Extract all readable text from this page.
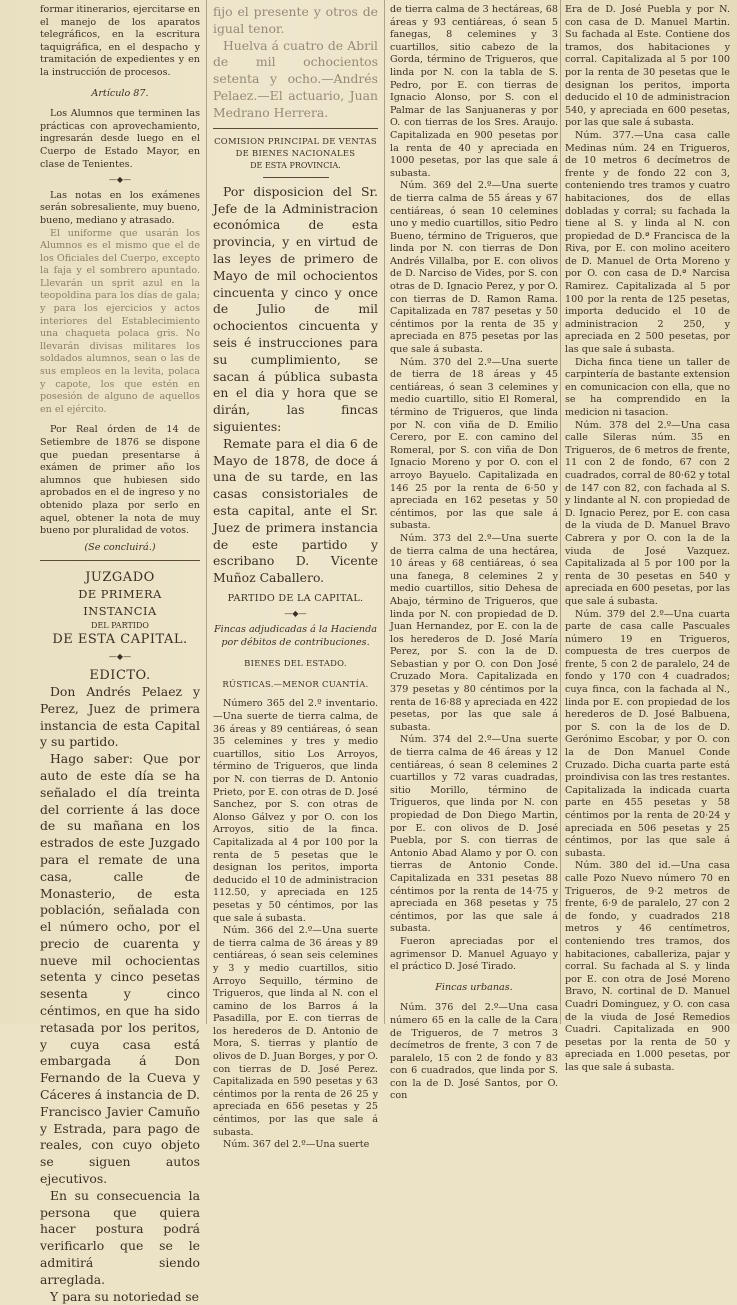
formar itinerarios, ejercitarse en el manejo de los aparatos telegráficos, en la escritura taquigráfica, en el despacho y tramitación de expedientes y en la instrucción de procesos.

Artículo 87.

Los Alumnos que terminen las prácticas con aprovechamiento, ingresarán desde luego en el Cuerpo de Estado Mayor, en clase de Tenientes.

—◆—

Las notas en los exámenes serán sobresaliente, muy bueno, bueno, mediano y atrasado.

El uniforme que usarán los Alumnos es el mismo que el de los Oficiales del Cuerpo, excepto la faja y el sombrero apuntado. Llevarán un sprit azul en la teopoldina para los días de gala; y para los ejercicios y actos interiores del Establecimiento una chaqueta polaca gris. No llevarán divisas militares los soldados alumnos, sean o las de sus empleos en la levita, polaca y capote, los que estén en posesión de alguno de aquellos en el ejército.

Por Real órden de 14 de Setiembre de 1876 se dispone que puedan presentarse á exámen de primer año los alumnos que hubiesen sido aprobados en el de ingreso y no obtenido plaza por serlo en aquel, obtener la nota de muy bueno por pluralidad de votos.

(Se concluirá.)

JUZGADO
DE PRIMERA INSTANCIA
DEL PARTIDO
DE ESTA CAPITAL.
—◆—
EDICTO.

Don Andrés Pelaez y Perez, Juez de primera instancia de esta Capital y su partido.

Hago saber: Que por auto de este día se ha señalado el día treinta del corriente á las doce de su mañana en los estrados de este Juzgado para el remate de una casa, calle de Monasterio, de esta población, señalada con el número ocho, por el precio de cuarenta y nueve mil ochocientas setenta y cinco pesetas sesenta y cinco céntimos, en que ha sido retasada por los peritos, y cuya casa está embargada á Don Fernando de la Cueva y Cáceres á instancia de D. Francisco Javier Camuño y Estrada, para pago de reales, con cuyo objeto se siguen autos ejecutivos.

En su consecuencia la persona que quiera hacer postura podrá verificarlo que se le admitirá siendo arreglada.

Y para su notoriedad se

fijo el presente y otros de igual tenor.

Huelva á cuatro de Abril de mil ochocientos setenta y ocho.—Andrés Pelaez.—El actuario, Juan Medrano Herrera.

COMISION PRINCIPAL DE VENTAS DE BIENES NACIONALES
DE ESTA PROVINCIA.

Por disposicion del Sr. Jefe de la Administracion económica de esta provincia, y en virtud de las leyes de primero de Mayo de mil ochocientos cincuenta y cinco y once de Julio de mil ochocientos cincuenta y seis é instrucciones para su cumplimiento, se sacan á pública subasta en el dia y hora que se dirán, las fincas siguientes:

Remate para el dia 6 de Mayo de 1878, de doce á una de su tarde, en las casas consistoriales de esta capital, ante el Sr. Juez de primera instancia de este partido y escribano D. Vicente Muñoz Caballero.

PARTIDO DE LA CAPITAL.
—◆—

Fincas adjudicadas á la Hacienda por débitos de contribuciones.

BIENES DEL ESTADO.
RÚSTICAS.—MENOR CUANTÍA.

Número 365 del 2.º inventario.—Una suerte de tierra calma, de 36 áreas y 89 centiáreas, ó sean 35 celemines y tres y medio cuartillos, sitio Los Arroyos, término de Trigueros, que linda por N. con tierras de D. Antonio Prieto, por E. con otras de D. José Sanchez, por S. con otras de Alonso Gálvez y por O. con los Arroyos, sitio de la finca. Capitalizada al 4 por 100 por la renta de 5 pesetas que le designan los peritos, importa deducido el 10 de administracion 112.50, y apreciada en 125 pesetas y 50 céntimos, por las que sale á subasta.

Núm. 366 del 2.º—Una suerte de tierra calma de 36 áreas y 89 centiáreas, ó sean seis celemines y 3 y medio cuartillos, sitio Arroyo Sequillo, término de Trigueros, que linda al N. con el camino de los Barros á la Pasadilla, por E. con tierras de los herederos de D. Antonio de Mora, S. tierras y plantío de olivos de D. Juan Borges, y por O. con tierras de D. José Perez. Capitalizada en 590 pesetas y 63 céntimos por la renta de 26 25 y apreciada en 656 pesetas y 25 céntimos, por las que sale á subasta.

Núm. 367 del 2.º—Una suerte

de tierra calma de 3 hectáreas, 68 áreas y 93 centiáreas, ó sean 5 fanegas, 8 celemines y 3 cuartillos, sitio cabezo de la Gorda, término de Trigueros, que linda por N. con la tabla de S. Pedro, por E. con tierras de Ignacio Alonso, por S. con el Palmar de las Sanjuaneras y por O. con tierras de los Sres. Araujo. Capitalizada en 900 pesetas por la renta de 40 y apreciada en 1000 pesetas, por las que sale á subasta.

Núm. 369 del 2.º—Una suerte de tierra calma de 55 áreas y 67 centiáreas, ó sean 10 celemines uno y medio cuartillos, sitio Pedro Bueno, término de Trigueros, que linda por N. con tierras de Don Andrés Villalba, por E. con olivos de D. Narciso de Vides, por S. con otras de D. Ignacio Perez, y por O. con tierras de D. Ramon Rama. Capitalizada en 787 pesetas y 50 céntimos por la renta de 35 y apreciada en 875 pesetas por las que sale á subasta.

Núm. 370 del 2.º—Una suerte de tierra de 18 áreas y 45 centiáreas, ó sean 3 celemines y medio cuartillo, sitio El Romeral, término de Trigueros, que linda por N. con viña de D. Emilio Cerero, por E. con camino del Romeral, por S. con viña de Don Ignacio Moreno y por O. con el arroyo Bayuelo. Capitalizada en 146 25 por la renta de 6·50 y apreciada en 162 pesetas y 50 céntimos, por las que sale á subasta.

Núm. 373 del 2.º—Una suerte de tierra calma de una hectárea, 10 áreas y 68 centiáreas, ó sea una fanega, 8 celemines 2 y medio cuartillos, sitio Dehesa de Abajo, término de Trigueros, que linda por N. con propiedad de D. Juan Hernandez, por E. con la de los herederos de D. José María Perez, por S. con la de D. Sebastian y por O. con Don José Cruzado Mora. Capitalizada en 379 pesetas y 80 céntimos por la renta de 16·88 y apreciada en 422 pesetas, por las que sale á subasta.

Núm. 374 del 2.º—Una suerte de tierra calma de 46 áreas y 12 centiáreas, ó sean 8 celemines 2 cuartillos y 72 varas cuadradas, sitio Morillo, término de Trigueros, que linda por N. con propiedad de Don Diego Martin, por E. con olivos de D. José Puebla, por S. con tierras de Antonio Abad Alamo y por O. con tierras de Antonio Conde. Capitalizada en 331 pesetas 88 céntimos por la renta de 14·75 y apreciada en 368 pesetas y 75 céntimos, por las que sale á subasta.

Fueron apreciadas por el agrimensor D. Manuel Aguayo y el práctico D. José Tirado.

Fincas urbanas.

Núm. 376 del 2.º—Una casa número 65 en la calle de la Cara de Trigueros, de 7 metros 3 decímetros de frente, 3 con 7 de paralelo, 15 con 2 de fondo y 83 con 6 cuadrados, que linda por S. con la de D. José Santos, por O. con

Era de D. José Puebla y por N. con casa de D. Manuel Martin. Su fachada al Este. Contiene dos tramos, dos habitaciones y corral. Capitalizada al 5 por 100 por la renta de 30 pesetas que le designan los peritos, importa deducido el 10 de administracion 540, y apreciada en 600 pesetas, por las que sale á subasta.

Núm. 377.—Una casa calle Medinas núm. 24 en Trigueros, de 10 metros 6 decímetros de frente y de fondo 22 con 3, conteniendo tres tramos y cuatro habitaciones, dos de ellas dobladas y corral; su fachada la tiene al S. y linda al N. con propiedad de D.ª Francisca de la Riva, por E. con molino aceitero de D. Manuel de Orta Moreno y por O. con casa de D.ª Narcisa Ramirez. Capitalizada al 5 por 100 por la renta de 125 pesetas, importa deducido el 10 de administracion 2 250, y apreciada en 2 500 pesetas, por las que sale á subasta.

Dicha finca tiene un taller de carpintería de bastante extension en comunicacion con ella, que no se ha comprendido en la medicion ni tasacion.

Núm. 378 del 2.º—Una casa calle Sileras núm. 35 en Trigueros, de 6 metros de frente, 11 con 2 de fondo, 67 con 2 cuadrados, corral de 80·62 y total de 147 con 82, con fachada al S. y lindante al N. con propiedad de D. Ignacio Perez, por E. con casa de la viuda de D. Manuel Bravo Cabrera y por O. con la de la viuda de José Vazquez. Capitalizada al 5 por 100 por la renta de 30 pesetas en 540 y apreciada en 600 pesetas, por las que sale á subasta.

Núm. 379 del 2.º—Una cuarta parte de casa calle Pascuales número 19 en Trigueros, compuesta de tres cuerpos de frente, 5 con 2 de paralelo, 24 de fondo y 170 con 4 cuadrados; cuya finca, con la fachada al N., linda por E. con propiedad de los herederos de D. José Balbuena, por S. con la de los de D. Gerónimo Escobar, y por O. con la de Don Manuel Conde Cruzado. Dicha cuarta parte está proindivisa con las tres restantes. Capitalizada la indicada cuarta parte en 455 pesetas y 58 céntimos por la renta de 20·24 y apreciada en 506 pesetas y 25 céntimos, por las que sale á subasta.

Núm. 380 del id.—Una casa calle Pozo Nuevo número 70 en Trigueros, de 9·2 metros de frente, 6·9 de paralelo, 27 con 2 de fondo, y cuadrados 218 metros y 46 centímetros, conteniendo tres tramos, dos habitaciones, caballeriza, pajar y corral. Su fachada al S. y linda por E. con otra de José Moreno Bravo, N. cortinal de D. Manuel Cuadri Dominguez, y O. con casa de la viuda de José Remedios Cuadri. Capitalizada en 900 pesetas por la renta de 50 y apreciada en 1.000 pesetas, por las que sale á subasta.
